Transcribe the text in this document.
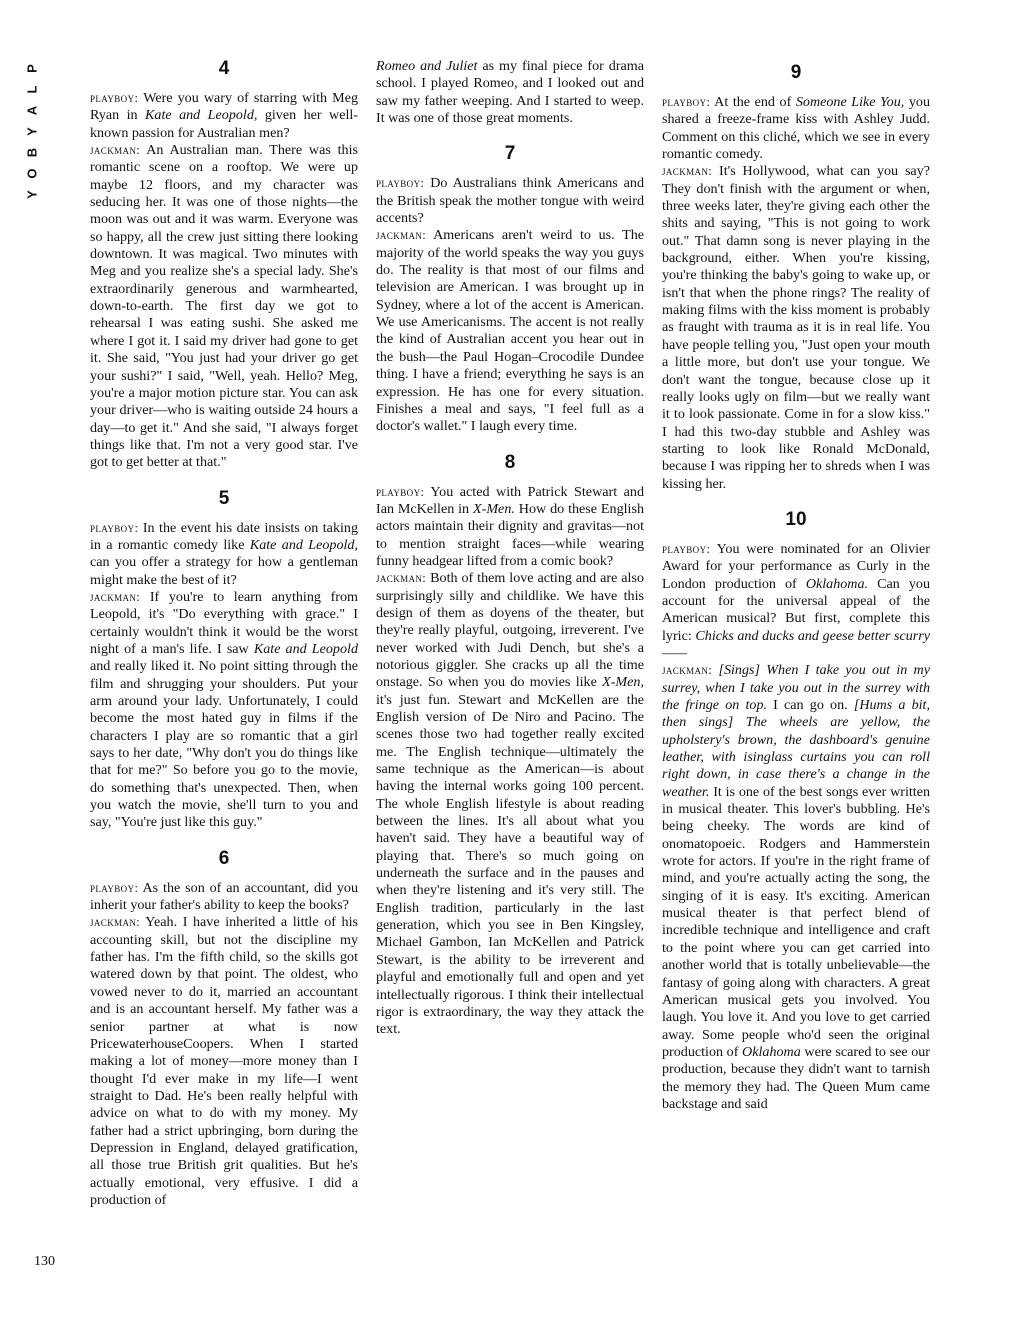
P
L
A
Y
B
O
Y
130
4

playboy: Were you wary of starring with Meg Ryan in Kate and Leopold, given her well-known passion for Australian men?

jackman: An Australian man. There was this romantic scene on a rooftop. We were up maybe 12 floors, and my character was seducing her. It was one of those nights—the moon was out and it was warm. Everyone was so happy, all the crew just sitting there looking downtown. It was magical. Two minutes with Meg and you realize she's a special lady. She's extraordinarily generous and warmhearted, down-to-earth. The first day we got to rehearsal I was eating sushi. She asked me where I got it. I said my driver had gone to get it. She said, "You just had your driver go get your sushi?" I said, "Well, yeah. Hello? Meg, you're a major motion picture star. You can ask your driver—who is waiting outside 24 hours a day—to get it." And she said, "I always forget things like that. I'm not a very good star. I've got to get better at that."

5

playboy: In the event his date insists on taking in a romantic comedy like Kate and Leopold, can you offer a strategy for how a gentleman might make the best of it?

jackman: If you're to learn anything from Leopold, it's "Do everything with grace." I certainly wouldn't think it would be the worst night of a man's life. I saw Kate and Leopold and really liked it. No point sitting through the film and shrugging your shoulders. Put your arm around your lady. Unfortunately, I could become the most hated guy in films if the characters I play are so romantic that a girl says to her date, "Why don't you do things like that for me?" So before you go to the movie, do something that's unexpected. Then, when you watch the movie, she'll turn to you and say, "You're just like this guy."

6

playboy: As the son of an accountant, did you inherit your father's ability to keep the books?

jackman: Yeah. I have inherited a little of his accounting skill, but not the discipline my father has. I'm the fifth child, so the skills got watered down by that point. The oldest, who vowed never to do it, married an accountant and is an accountant herself. My father was a senior partner at what is now PricewaterhouseCoopers. When I started making a lot of money—more money than I thought I'd ever make in my life—I went straight to Dad. He's been really helpful with advice on what to do with my money. My father had a strict upbringing, born during the Depression in England, delayed gratification, all those true British grit qualities. But he's actually emotional, very effusive. I did a production of

Romeo and Juliet as my final piece for drama school. I played Romeo, and I looked out and saw my father weeping. And I started to weep. It was one of those great moments.

7

playboy: Do Australians think Americans and the British speak the mother tongue with weird accents?

jackman: Americans aren't weird to us. The majority of the world speaks the way you guys do. The reality is that most of our films and television are American. I was brought up in Sydney, where a lot of the accent is American. We use Americanisms. The accent is not really the kind of Australian accent you hear out in the bush—the Paul Hogan–Crocodile Dundee thing. I have a friend; everything he says is an expression. He has one for every situation. Finishes a meal and says, "I feel full as a doctor's wallet." I laugh every time.

8

playboy: You acted with Patrick Stewart and Ian McKellen in X-Men. How do these English actors maintain their dignity and gravitas—not to mention straight faces—while wearing funny headgear lifted from a comic book?

jackman: Both of them love acting and are also surprisingly silly and childlike. We have this design of them as doyens of the theater, but they're really playful, outgoing, irreverent. I've never worked with Judi Dench, but she's a notorious giggler. She cracks up all the time onstage. So when you do movies like X-Men, it's just fun. Stewart and McKellen are the English version of De Niro and Pacino. The scenes those two had together really excited me. The English technique—ultimately the same technique as the American—is about having the internal works going 100 percent. The whole English lifestyle is about reading between the lines. It's all about what you haven't said. They have a beautiful way of playing that. There's so much going on underneath the surface and in the pauses and when they're listening and it's very still. The English tradition, particularly in the last generation, which you see in Ben Kingsley, Michael Gambon, Ian McKellen and Patrick Stewart, is the ability to be irreverent and playful and emotionally full and open and yet intellectually rigorous. I think their intellectual rigor is extraordinary, the way they attack the text.

9

playboy: At the end of Someone Like You, you shared a freeze-frame kiss with Ashley Judd. Comment on this cliché, which we see in every romantic comedy.

jackman: It's Hollywood, what can you say? They don't finish with the argument or when, three weeks later, they're giving each other the shits and saying, "This is not going to work out." That damn song is never playing in the background, either. When you're kissing, you're thinking the baby's going to wake up, or isn't that when the phone rings? The reality of making films with the kiss moment is probably as fraught with trauma as it is in real life. You have people telling you, "Just open your mouth a little more, but don't use your tongue. We don't want the tongue, because close up it really looks ugly on film—but we really want it to look passionate. Come in for a slow kiss." I had this two-day stubble and Ashley was starting to look like Ronald McDonald, because I was ripping her to shreds when I was kissing her.

10

playboy: You were nominated for an Olivier Award for your performance as Curly in the London production of Oklahoma. Can you account for the universal appeal of the American musical? But first, complete this lyric: Chicks and ducks and geese better scurry——

jackman: [Sings] When I take you out in my surrey, when I take you out in the surrey with the fringe on top. I can go on. [Hums a bit, then sings] The wheels are yellow, the upholstery's brown, the dashboard's genuine leather, with isinglass curtains you can roll right down, in case there's a change in the weather. It is one of the best songs ever written in musical theater. This lover's bubbling. He's being cheeky. The words are kind of onomatopoeic. Rodgers and Hammerstein wrote for actors. If you're in the right frame of mind, and you're actually acting the song, the singing of it is easy. It's exciting. American musical theater is that perfect blend of incredible technique and intelligence and craft to the point where you can get carried into another world that is totally unbelievable—the fantasy of going along with characters. A great American musical gets you involved. You laugh. You love it. And you love to get carried away. Some people who'd seen the original production of Oklahoma were scared to see our production, because they didn't want to tarnish the memory they had. The Queen Mum came backstage and said
